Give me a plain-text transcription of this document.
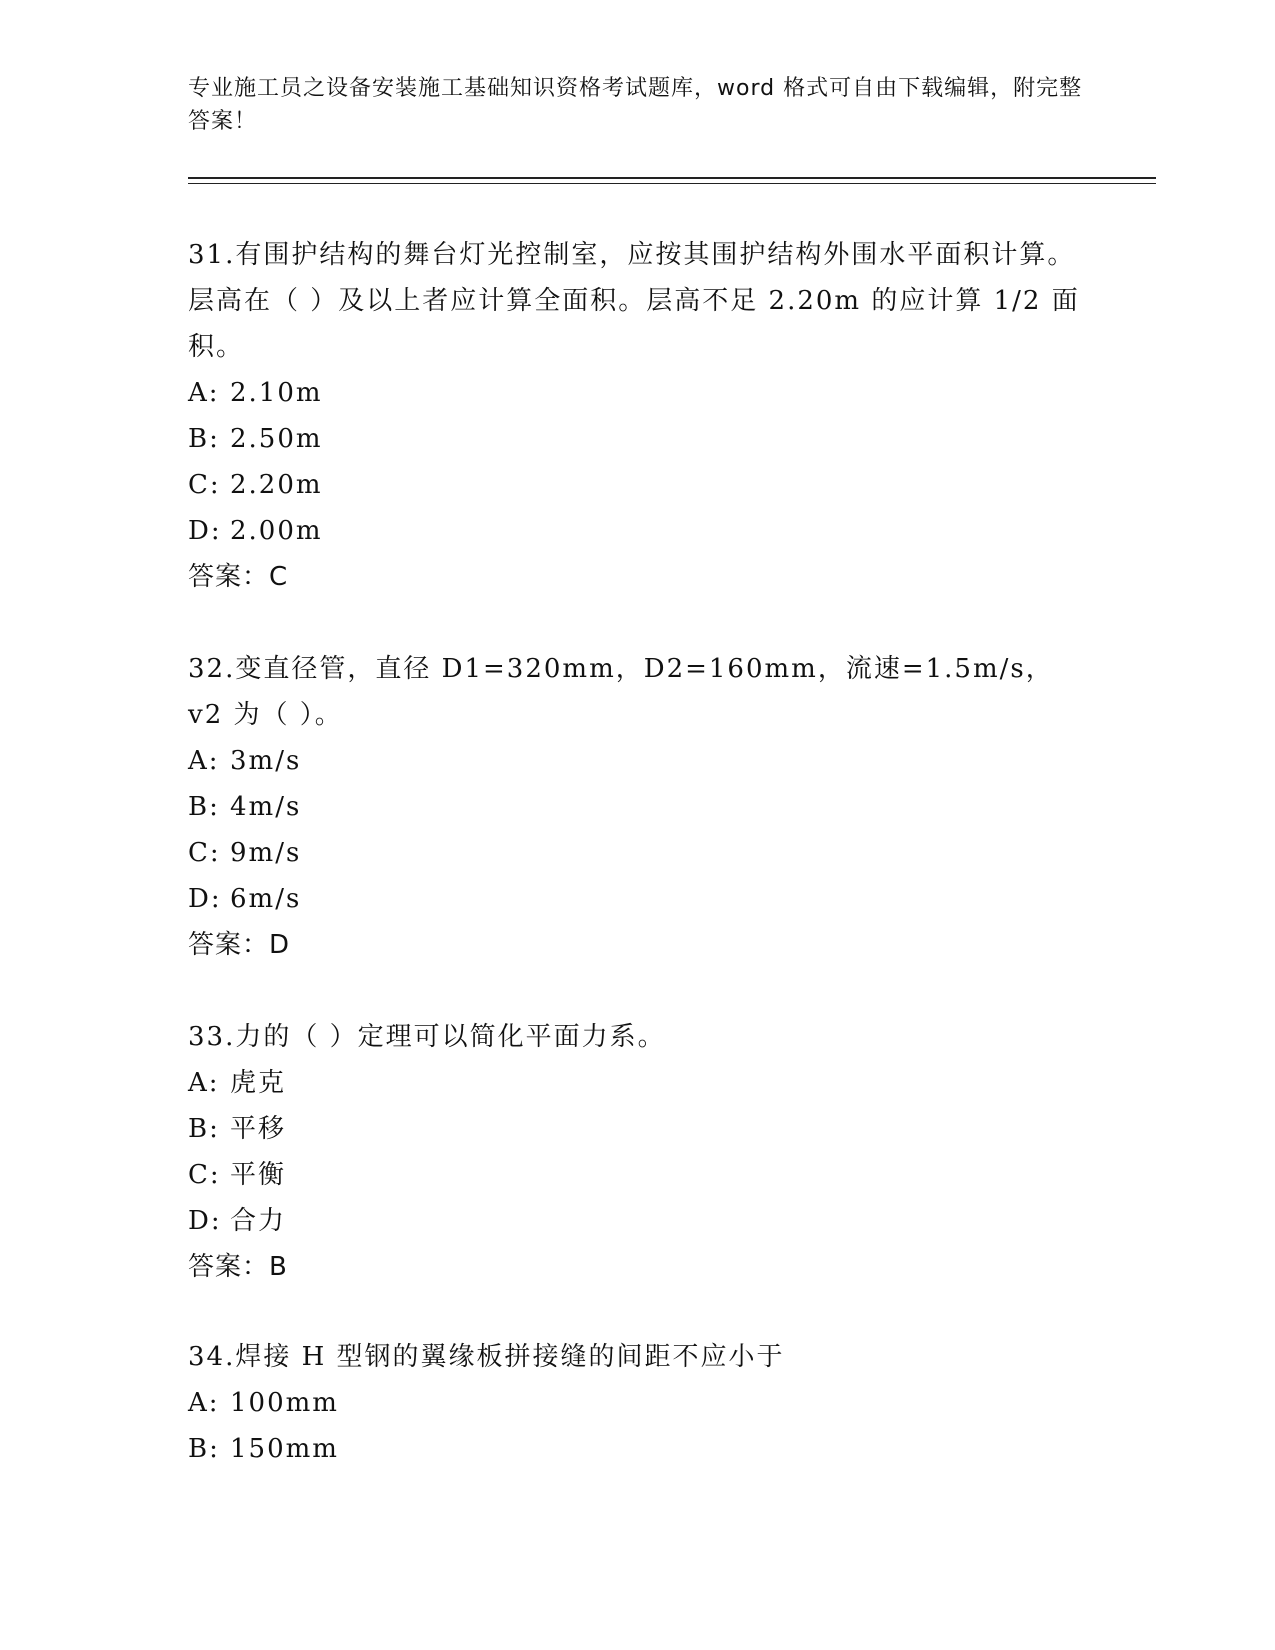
专业施工员之设备安装施工基础知识资格考试题库，word 格式可自由下载编辑，附完整答案！

31.有围护结构的舞台灯光控制室，应按其围护结构外围水平面积计算。层高在（ ）及以上者应计算全面积。层高不足 2.20m 的应计算 1/2 面积。

A: 2.10m
B: 2.50m
C: 2.20m
D: 2.00m
答案：C

32.变直径管，直径 D1=320mm，D2=160mm，流速=1.5m/s，v2 为（ ）。

A: 3m/s
B: 4m/s
C: 9m/s
D: 6m/s
答案：D

33.力的（ ）定理可以简化平面力系。

A: 虎克
B: 平移
C: 平衡
D: 合力
答案：B

34.焊接 H 型钢的翼缘板拼接缝的间距不应小于

A: 100mm
B: 150mm
